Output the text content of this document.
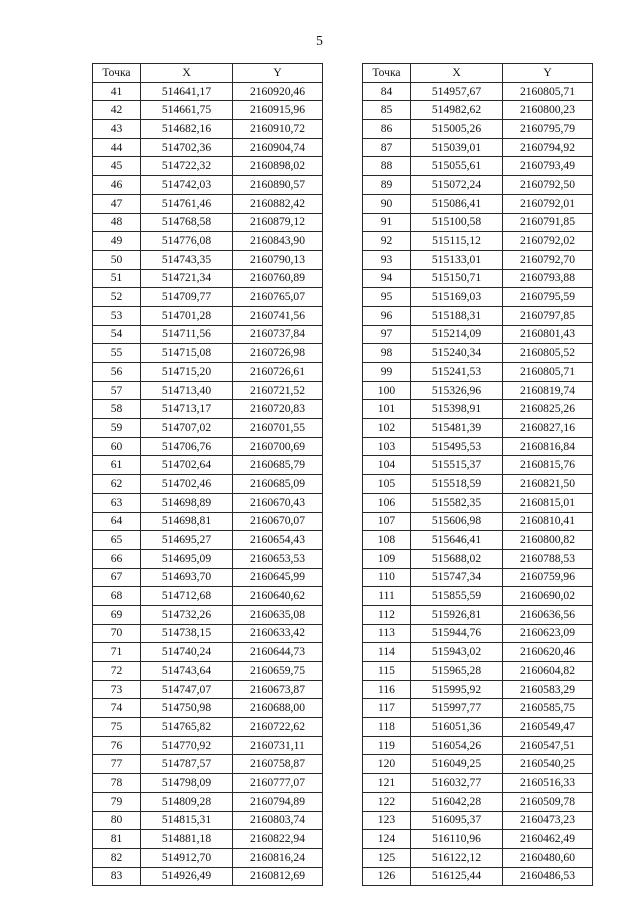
5
Точка	X	Y
41	514641,17	2160920,46
42	514661,75	2160915,96
43	514682,16	2160910,72
44	514702,36	2160904,74
45	514722,32	2160898,02
46	514742,03	2160890,57
47	514761,46	2160882,42
48	514768,58	2160879,12
49	514776,08	2160843,90
50	514743,35	2160790,13
51	514721,34	2160760,89
52	514709,77	2160765,07
53	514701,28	2160741,56
54	514711,56	2160737,84
55	514715,08	2160726,98
56	514715,20	2160726,61
57	514713,40	2160721,52
58	514713,17	2160720,83
59	514707,02	2160701,55
60	514706,76	2160700,69
61	514702,64	2160685,79
62	514702,46	2160685,09
63	514698,89	2160670,43
64	514698,81	2160670,07
65	514695,27	2160654,43
66	514695,09	2160653,53
67	514693,70	2160645,99
68	514712,68	2160640,62
69	514732,26	2160635,08
70	514738,15	2160633,42
71	514740,24	2160644,73
72	514743,64	2160659,75
73	514747,07	2160673,87
74	514750,98	2160688,00
75	514765,82	2160722,62
76	514770,92	2160731,11
77	514787,57	2160758,87
78	514798,09	2160777,07
79	514809,28	2160794,89
80	514815,31	2160803,74
81	514881,18	2160822,94
82	514912,70	2160816,24
83	514926,49	2160812,69
Точка	X	Y
84	514957,67	2160805,71
85	514982,62	2160800,23
86	515005,26	2160795,79
87	515039,01	2160794,92
88	515055,61	2160793,49
89	515072,24	2160792,50
90	515086,41	2160792,01
91	515100,58	2160791,85
92	515115,12	2160792,02
93	515133,01	2160792,70
94	515150,71	2160793,88
95	515169,03	2160795,59
96	515188,31	2160797,85
97	515214,09	2160801,43
98	515240,34	2160805,52
99	515241,53	2160805,71
100	515326,96	2160819,74
101	515398,91	2160825,26
102	515481,39	2160827,16
103	515495,53	2160816,84
104	515515,37	2160815,76
105	515518,59	2160821,50
106	515582,35	2160815,01
107	515606,98	2160810,41
108	515646,41	2160800,82
109	515688,02	2160788,53
110	515747,34	2160759,96
111	515855,59	2160690,02
112	515926,81	2160636,56
113	515944,76	2160623,09
114	515943,02	2160620,46
115	515965,28	2160604,82
116	515995,92	2160583,29
117	515997,77	2160585,75
118	516051,36	2160549,47
119	516054,26	2160547,51
120	516049,25	2160540,25
121	516032,77	2160516,33
122	516042,28	2160509,78
123	516095,37	2160473,23
124	516110,96	2160462,49
125	516122,12	2160480,60
126	516125,44	2160486,53
